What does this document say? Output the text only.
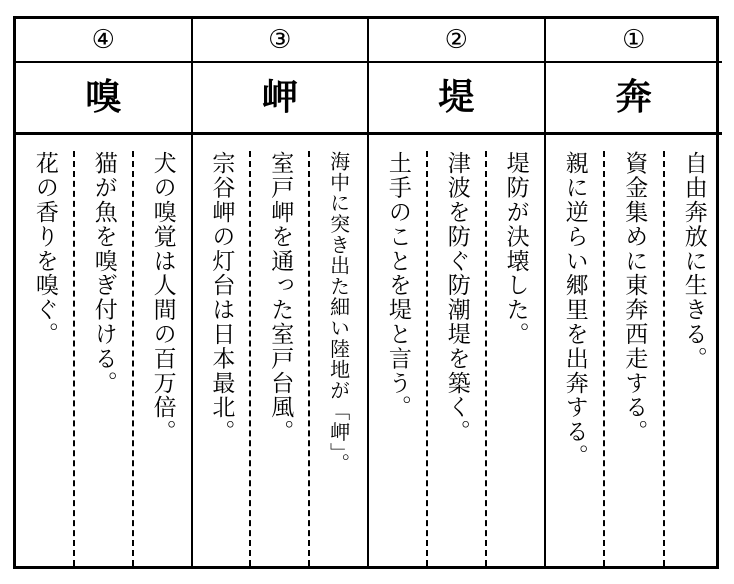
④
嗅
犬の嗅覚は人間の百万倍。
猫が魚を嗅ぎ付ける。
花の香りを嗅ぐ。
③
岬
海中に突き出た細い陸地が「岬」。
室戸岬を通った室戸台風。
宗谷岬の灯台は日本最北。
②
堤
堤防が決壊した。
津波を防ぐ防潮堤を築く。
土手のことを堤と言う。
①
奔
自由奔放に生きる。
資金集めに東奔西走する。
親に逆らい郷里を出奔する。
